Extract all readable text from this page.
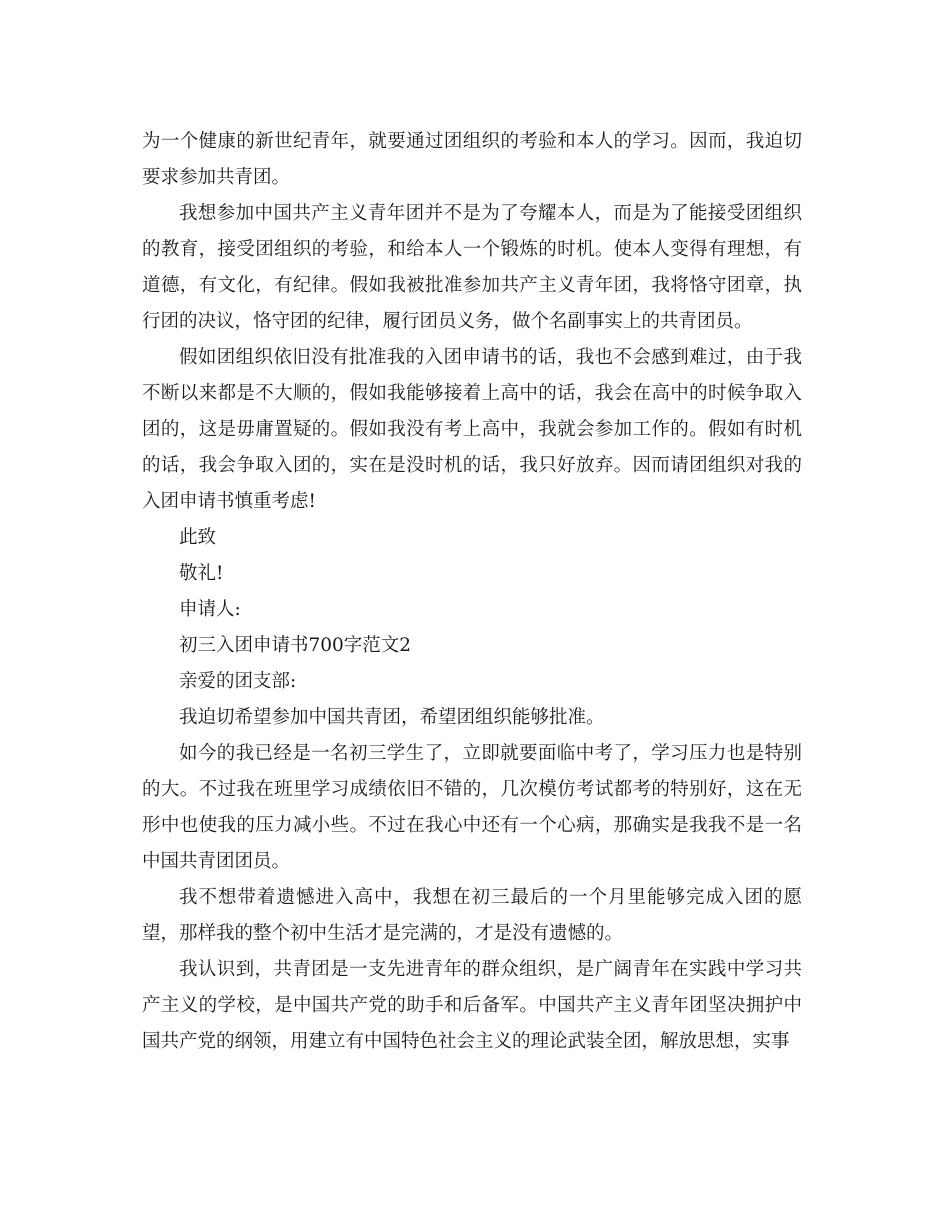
为一个健康的新世纪青年，就要通过团组织的考验和本人的学习。因而，我迫切要求参加共青团。

我想参加中国共产主义青年团并不是为了夸耀本人，而是为了能接受团组织的教育，接受团组织的考验，和给本人一个锻炼的时机。使本人变得有理想，有道德，有文化，有纪律。假如我被批准参加共产主义青年团，我将恪守团章，执行团的决议，恪守团的纪律，履行团员义务，做个名副事实上的共青团员。

假如团组织依旧没有批准我的入团申请书的话，我也不会感到难过，由于我不断以来都是不大顺的，假如我能够接着上高中的话，我会在高中的时候争取入团的，这是毋庸置疑的。假如我没有考上高中，我就会参加工作的。假如有时机的话，我会争取入团的，实在是没时机的话，我只好放弃。因而请团组织对我的入团申请书慎重考虑!

此致

敬礼!

申请人:

初三入团申请书700字范文2

亲爱的团支部:

我迫切希望参加中国共青团，希望团组织能够批准。

如今的我已经是一名初三学生了，立即就要面临中考了，学习压力也是特别的大。不过我在班里学习成绩依旧不错的，几次模仿考试都考的特别好，这在无形中也使我的压力减小些。不过在我心中还有一个心病，那确实是我我不是一名中国共青团团员。

我不想带着遗憾进入高中，我想在初三最后的一个月里能够完成入团的愿望，那样我的整个初中生活才是完满的，才是没有遗憾的。

我认识到，共青团是一支先进青年的群众组织，是广阔青年在实践中学习共产主义的学校，是中国共产党的助手和后备军。中国共产主义青年团坚决拥护中国共产党的纲领，用建立有中国特色社会主义的理论武装全团，解放思想，实事
